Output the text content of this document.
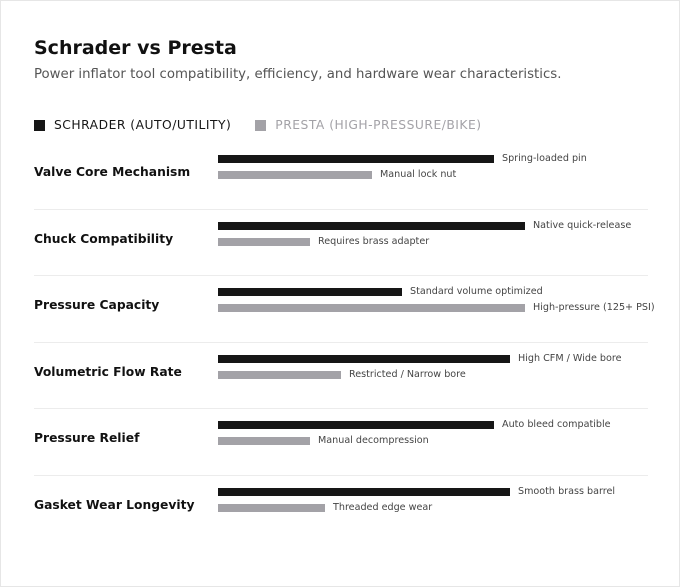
Schrader vs Presta
Power inflator tool compatibility, efficiency, and hardware wear characteristics.
SCHRADER (AUTO/UTILITY)	PRESTA (HIGH-PRESSURE/BIKE)
Valve Core Mechanism
Spring-loaded pin
Manual lock nut
Chuck Compatibility
Native quick-release
Requires brass adapter
Pressure Capacity
Standard volume optimized
High-pressure (125+ PSI)
Volumetric Flow Rate
High CFM / Wide bore
Restricted / Narrow bore
Pressure Relief
Auto bleed compatible
Manual decompression
Gasket Wear Longevity
Smooth brass barrel
Threaded edge wear
